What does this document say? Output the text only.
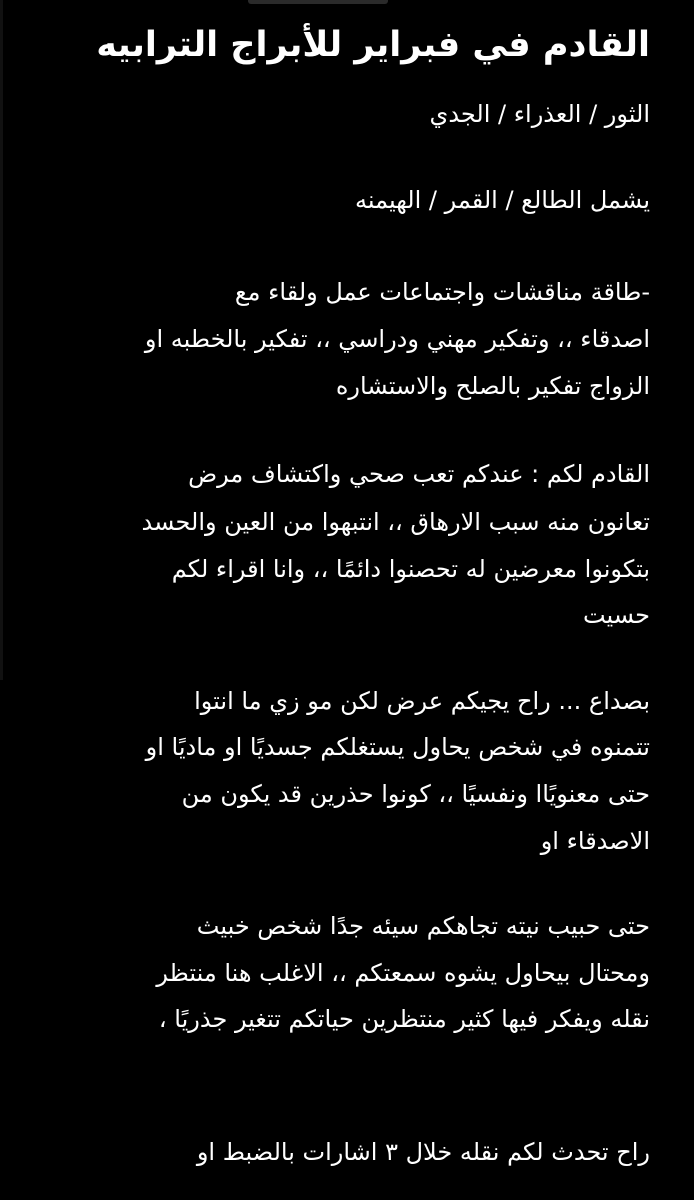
القادم في فبراير للأبراج الترابيه
الثور / العذراء / الجدي
يشمل الطالع / القمر / الهيمنه
-طاقة مناقشات واجتماعات عمل ولقاء مع
اصدقاء ،، وتفكير مهني ودراسي ،، تفكير بالخطبه او
الزواج تفكير بالصلح والاستشاره
القادم لكم : عندكم تعب صحي واكتشاف مرض
تعانون منه سبب الارهاق ،، انتبهوا من العين والحسد
بتكونوا معرضين له تحصنوا دائمًا ،، وانا اقراء لكم
حسيت
بصداع ... راح يجيكم عرض لكن مو زي ما انتوا
تتمنوه في شخص يحاول يستغلكم جسديًا او ماديًا او
حتى معنويًاا ونفسيًا ،، كونوا حذرين قد يكون من
الاصدقاء او
حتى حبيب نيته تجاهكم سيئه جدًا شخص خبيث
ومحتال بيحاول يشوه سمعتكم ،، الاغلب هنا منتظر
نقله ويفكر فيها كثير منتظرين حياتكم تتغير جذريًا ،
راح تحدث لكم نقله خلال ٣ اشارات بالضبط او
